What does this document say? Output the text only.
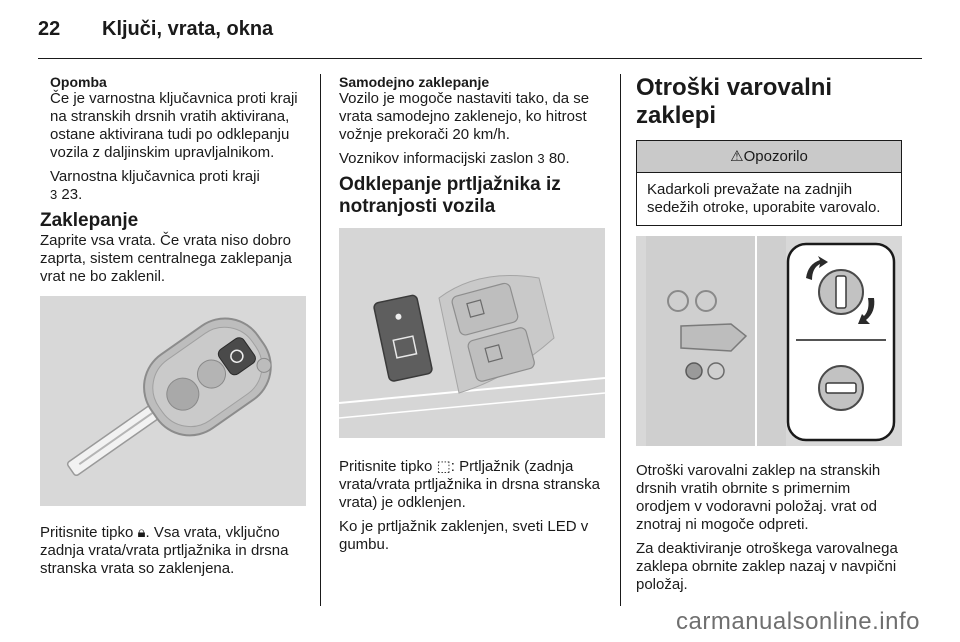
22	Ključi, vrata, okna
Opomba

Če je varnostna ključavnica proti kraji na stranskih drsnih vratih aktivirana, ostane aktivirana tudi po odklepanju vozila z daljinskim upravljalnikom.

Varnostna ključavnica proti kraji
3 23.

Zaklepanje

Zaprite vsa vrata. Če vrata niso dobro zaprta, sistem centralnega zaklepanja vrat ne bo zaklenil.

Pritisnite tipko 🔒︎. Vsa vrata, vključno zadnja vrata/vrata prtljažnika in drsna stranska vrata so zaklenjena.

Samodejno zaklepanje

Vozilo je mogoče nastaviti tako, da se vrata samodejno zaklenejo, ko hitrost vožnje prekorači 20 km/h.

Voznikov informacijski zaslon 3 80.

Odklepanje prtljažnika iz notranjosti vozila

Pritisnite tipko ⬚: Prtljažnik (zadnja vrata/vrata prtljažnika in drsna stranska vrata) je odklenjen.

Ko je prtljažnik zaklenjen, sveti LED v gumbu.

Otroški varovalni zaklepi
⚠ Opozorilo
Kadarkoli prevažate na zadnjih sedežih otroke, uporabite varovalo.

Otroški varovalni zaklep na stranskih drsnih vratih obrnite s primernim orodjem v vodoravni položaj. vrat od znotraj ni mogoče odpreti.

Za deaktiviranje otroškega varovalnega zaklepa obrnite zaklep nazaj v navpični položaj.

carmanualsonline.info
